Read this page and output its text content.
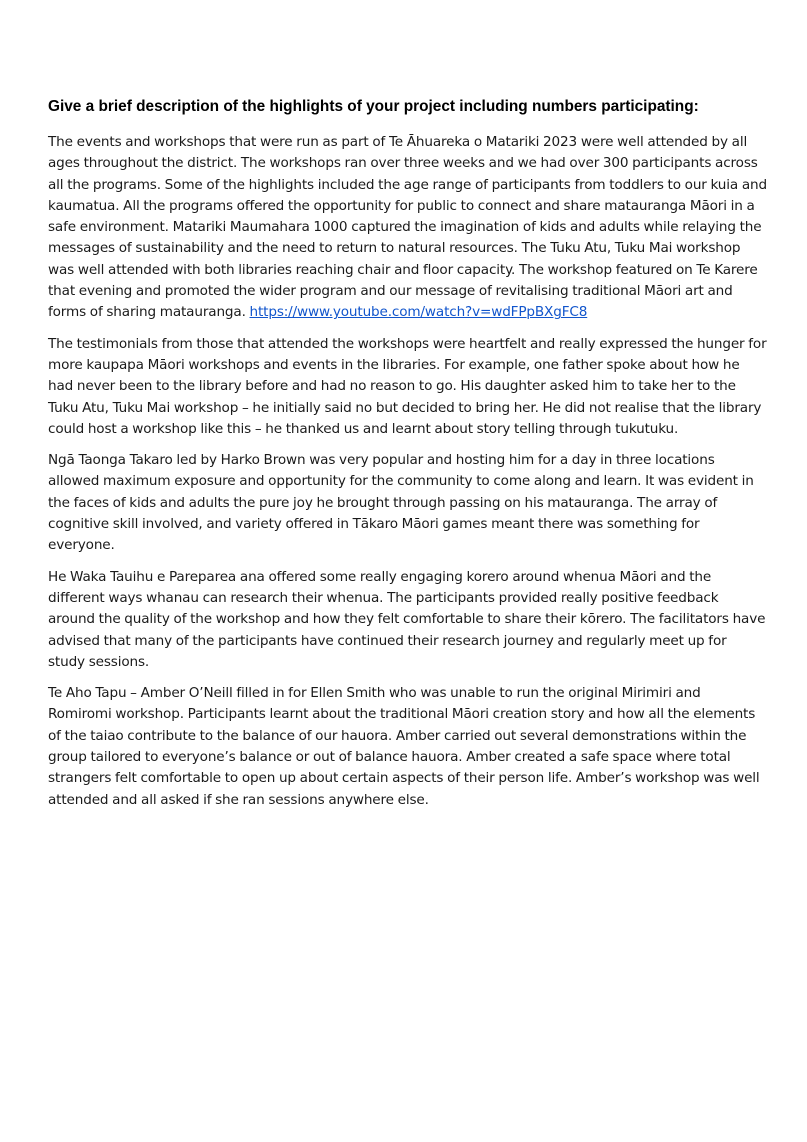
Give a brief description of the highlights of your project including numbers participating:

The events and workshops that were run as part of Te Āhuareka o Matariki 2023 were well attended by all ages throughout the district. The workshops ran over three weeks and we had over 300 participants across all the programs. Some of the highlights included the age range of participants from toddlers to our kuia and kaumatua. All the programs offered the opportunity for public to connect and share matauranga Māori in a safe environment. Matariki Maumahara 1000 captured the imagination of kids and adults while relaying the messages of sustainability and the need to return to natural resources. The Tuku Atu, Tuku Mai workshop was well attended with both libraries reaching chair and floor capacity. The workshop featured on Te Karere that evening and promoted the wider program and our message of revitalising traditional Māori art and forms of sharing matauranga. https://www.youtube.com/watch?v=wdFPpBXgFC8

The testimonials from those that attended the workshops were heartfelt and really expressed the hunger for more kaupapa Māori workshops and events in the libraries. For example, one father spoke about how he had never been to the library before and had no reason to go. His daughter asked him to take her to the Tuku Atu, Tuku Mai workshop – he initially said no but decided to bring her. He did not realise that the library could host a workshop like this – he thanked us and learnt about story telling through tukutuku.

Ngā Taonga Takaro led by Harko Brown was very popular and hosting him for a day in three locations allowed maximum exposure and opportunity for the community to come along and learn. It was evident in the faces of kids and adults the pure joy he brought through passing on his matauranga. The array of cognitive skill involved, and variety offered in Tākaro Māori games meant there was something for everyone.

He Waka Tauihu e Pareparea ana offered some really engaging korero around whenua Māori and the different ways whanau can research their whenua. The participants provided really positive feedback around the quality of the workshop and how they felt comfortable to share their kōrero. The facilitators have advised that many of the participants have continued their research journey and regularly meet up for study sessions.

Te Aho Tapu – Amber O’Neill filled in for Ellen Smith who was unable to run the original Mirimiri and Romiromi workshop. Participants learnt about the traditional Māori creation story and how all the elements of the taiao contribute to the balance of our hauora. Amber carried out several demonstrations within the group tailored to everyone’s balance or out of balance hauora. Amber created a safe space where total strangers felt comfortable to open up about certain aspects of their person life. Amber’s workshop was well attended and all asked if she ran sessions anywhere else.
